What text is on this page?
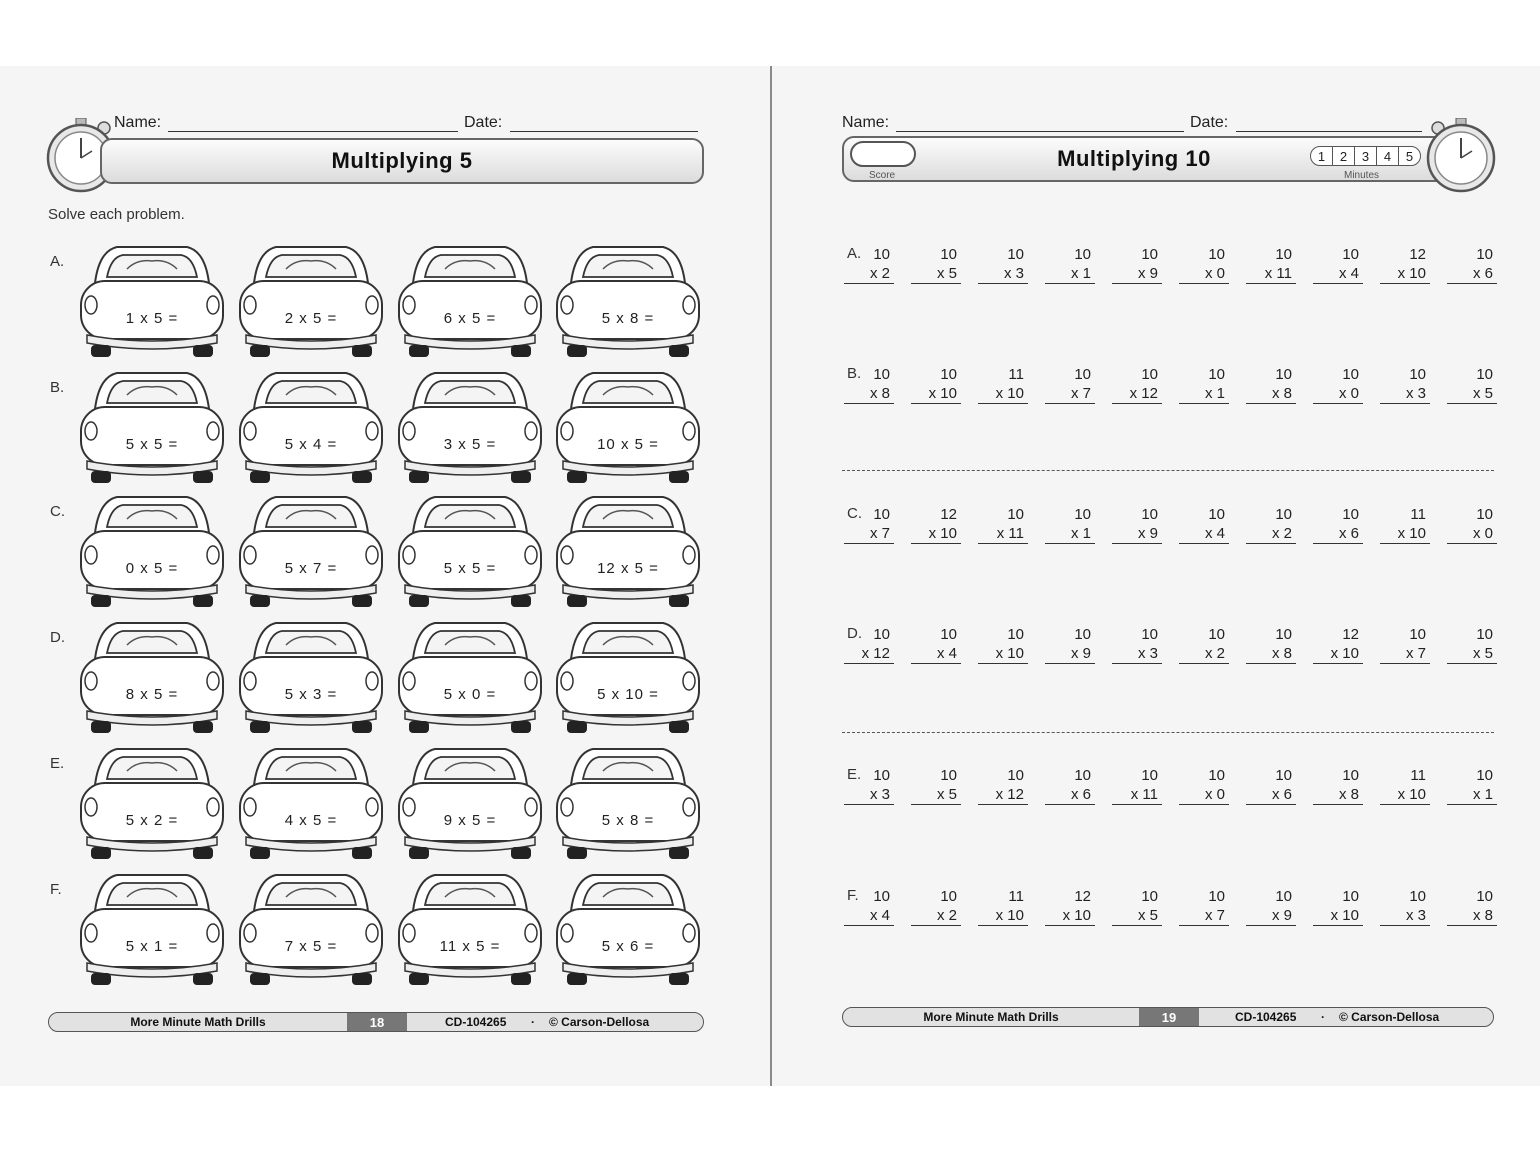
Name:	Date:
Multiplying 5
Solve each problem.
A.
1 x 5 =	2 x 5 =	6 x 5 =	5 x 8 =
B.
5 x 5 =	5 x 4 =	3 x 5 =	10 x 5 =
C.
0 x 5 =	5 x 7 =	5 x 5 =	12 x 5 =
D.
8 x 5 =	5 x 3 =	5 x 0 =	5 x 10 =
E.
5 x 2 =	4 x 5 =	9 x 5 =	5 x 8 =
F.
5 x 1 =	7 x 5 =	11 x 5 =	5 x 6 =
More Minute Math Drills	18	CD-104265 · © Carson-Dellosa
Name:	Date:
Multiplying 10
Score
1	2	3	4	5
Minutes
A. 10
x 2
10
x 5
10
x 3
10
x 1
10
x 9
10
x 0
10
x 11
10
x 4
12
x 10
10
x 6
B. 10
x 8
10
x 10
11
x 10
10
x 7
10
x 12
10
x 1
10
x 8
10
x 0
10
x 3
10
x 5
C. 10
x 7
12
x 10
10
x 11
10
x 1
10
x 9
10
x 4
10
x 2
10
x 6
11
x 10
10
x 0
D. 10
x 12
10
x 4
10
x 10
10
x 9
10
x 3
10
x 2
10
x 8
12
x 10
10
x 7
10
x 5
E. 10
x 3
10
x 5
10
x 12
10
x 6
10
x 11
10
x 0
10
x 6
10
x 8
11
x 10
10
x 1
F. 10
x 4
10
x 2
11
x 10
12
x 10
10
x 5
10
x 7
10
x 9
10
x 10
10
x 3
10
x 8
More Minute Math Drills	19	CD-104265 · © Carson-Dellosa
